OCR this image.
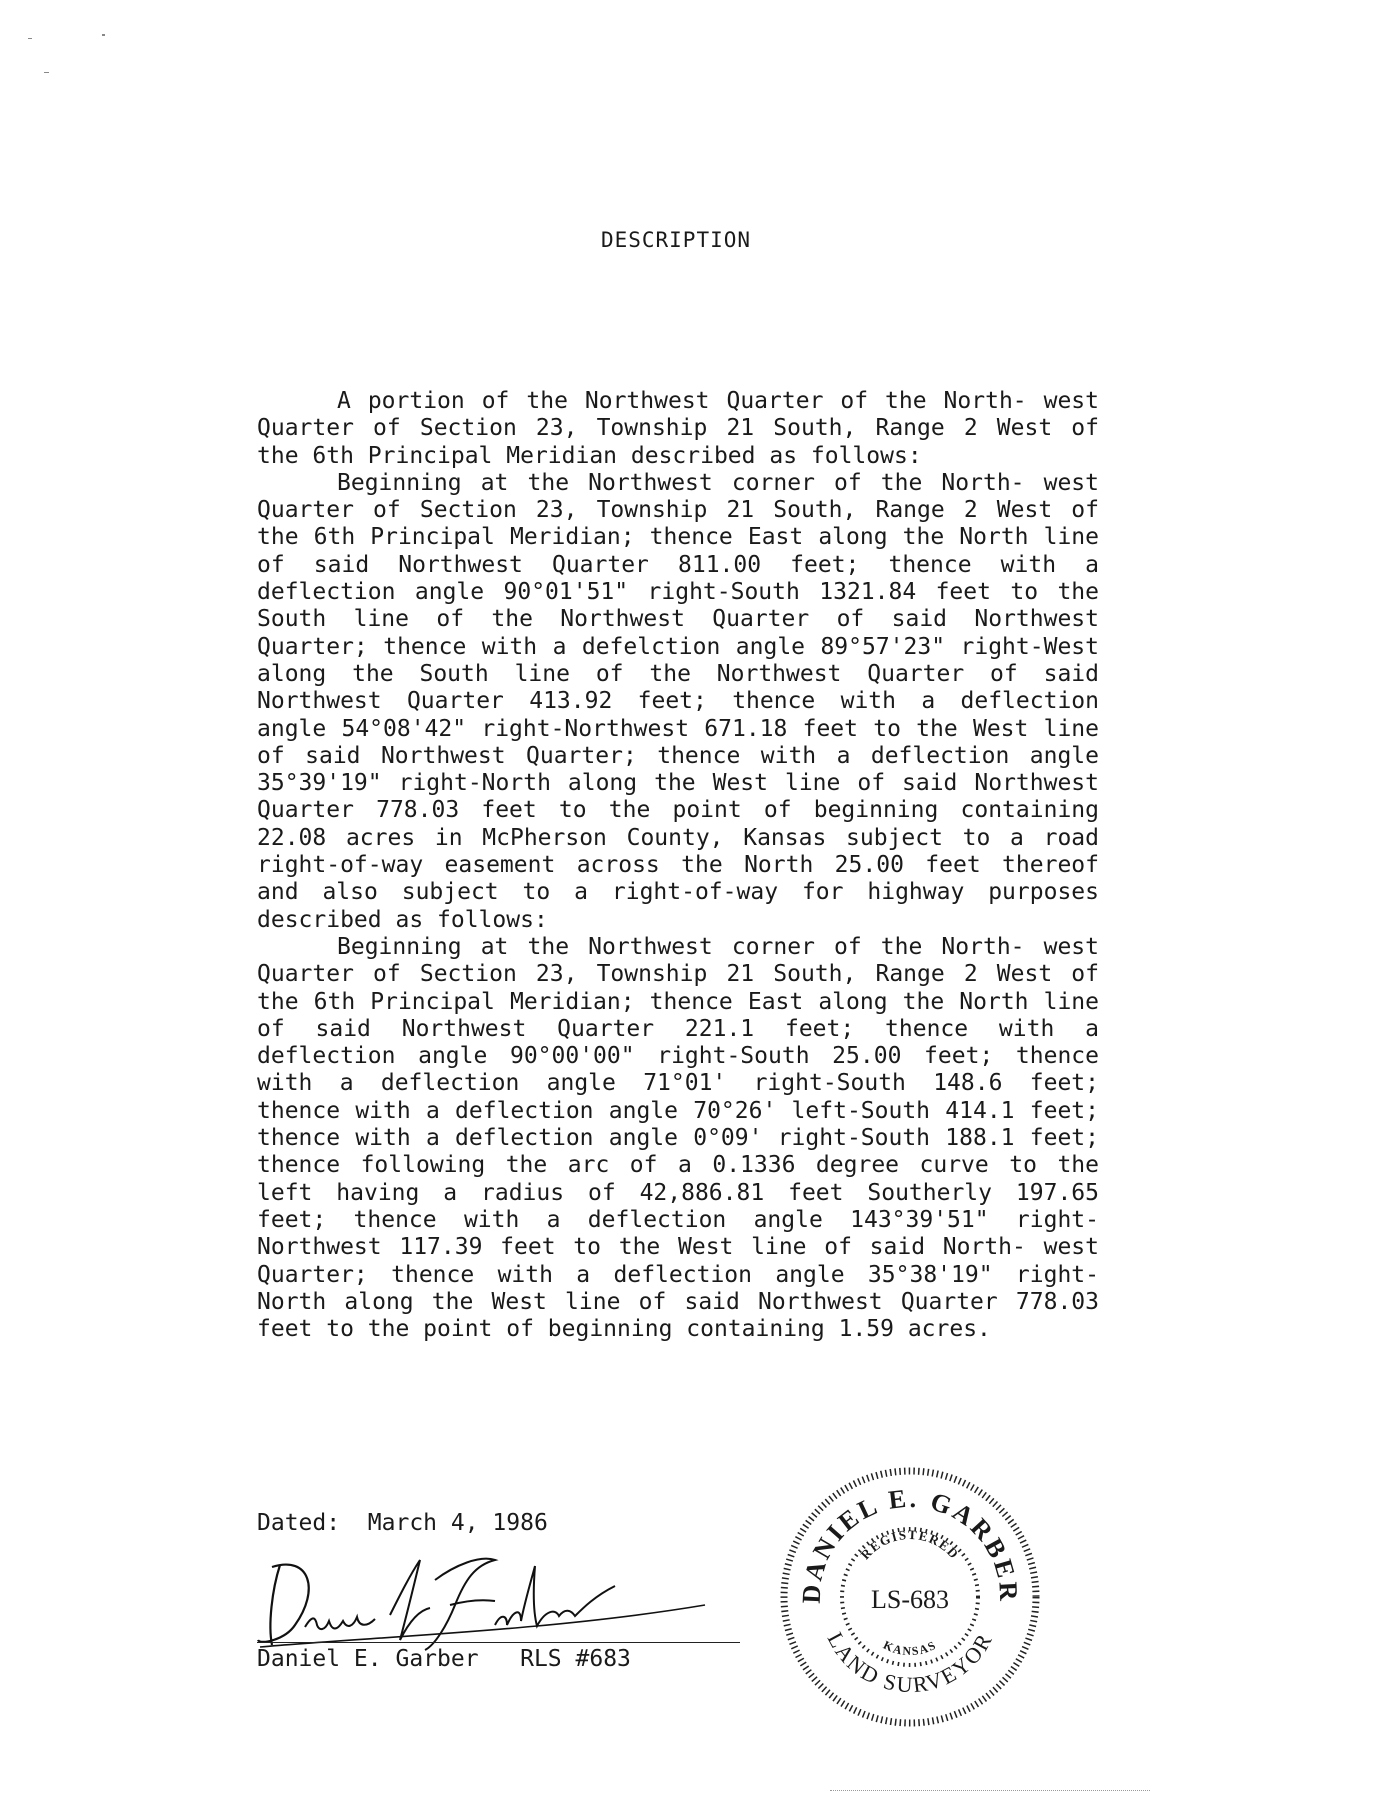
DESCRIPTION

A portion of the Northwest Quarter of the North- west Quarter of Section 23, Township 21 South, Range 2 West of the 6th Principal Meridian described as follows:

Beginning at the Northwest corner of the North- west Quarter of Section 23, Township 21 South, Range 2 West of the 6th Principal Meridian; thence East along the North line of said Northwest Quarter 811.00 feet; thence with a deflection angle 90°01'51" right-South 1321.84 feet to the South line of the Northwest Quarter of said Northwest Quarter; thence with a defelction angle 89°57'23" right-West along the South line of the Northwest Quarter of said Northwest Quarter 413.92 feet; thence with a deflection angle 54°08'42" right-Northwest 671.18 feet to the West line of said Northwest Quarter; thence with a deflection angle 35°39'19" right-North along the West line of said Northwest Quarter 778.03 feet to the point of beginning containing 22.08 acres in McPherson County, Kansas subject to a road right-of-way easement across the North 25.00 feet thereof and also subject to a right-of-way for highway purposes described as follows:

Beginning at the Northwest corner of the North- west Quarter of Section 23, Township 21 South, Range 2 West of the 6th Principal Meridian; thence East along the North line of said Northwest Quarter 221.1 feet; thence with a deflection angle 90°00'00" right-South 25.00 feet; thence with a deflection angle 71°01' right-South 148.6 feet; thence with a deflection angle 70°26' left-South 414.1 feet; thence with a deflection angle 0°09' right-South 188.1 feet; thence following the arc of a 0.1336 degree curve to the left having a radius of 42,886.81 feet Southerly 197.65 feet; thence with a deflection angle 143°39'51" right- Northwest 117.39 feet to the West line of said North- west Quarter; thence with a deflection angle 35°38'19" right-North along the West line of said Northwest Quarter 778.03 feet to the point of beginning containing 1.59 acres.

Dated: March 4, 1986
Daniel E. Garber RLS #683
DANIEL E. GARBER
LAND SURVEYOR
REGISTERED
KANSAS
LS-683
